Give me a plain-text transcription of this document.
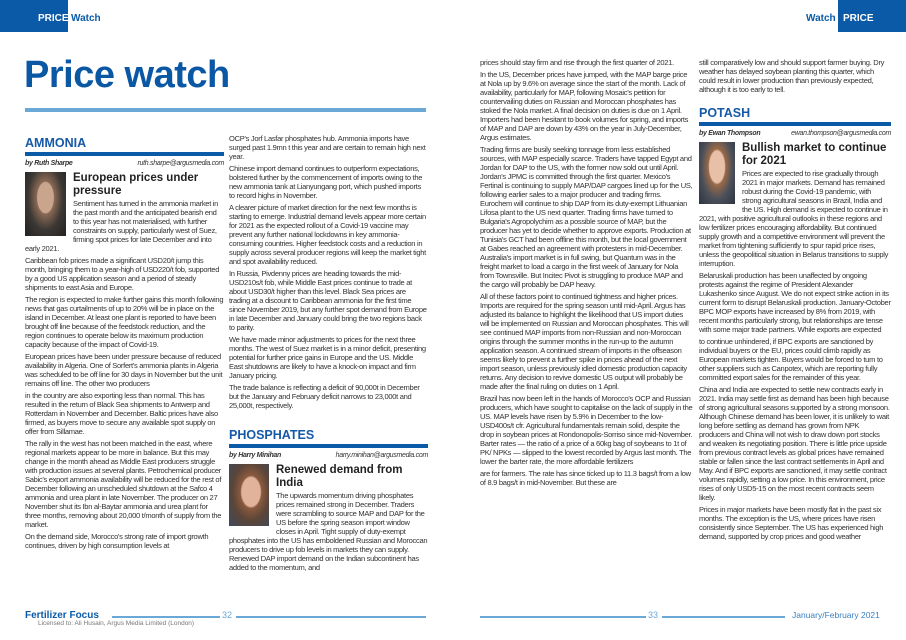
PRICE Watch	Watch PRICE
Price watch
AMMONIA
by Ruth Sharpe	ruth.sharpe@argusmedia.com
European prices under pressure

Sentiment has turned in the ammonia market in the past month and the anticipated bearish end to this year has not materialised, with further constraints on supply, particularly west of Suez, firming spot prices for late December and into early 2021.

Caribbean fob prices made a significant USD20/t jump this month, bringing them to a year-high of USD220/t fob, supported by a good US application season and a period of steady shipments to east Asia and Europe.

The region is expected to make further gains this month following news that gas curtailments of up to 20% will be in place on the island in December. At least one plant is reported to have been brought off line because of the feedstock reduction, and the region continues to operate below its maximum production capacity because of the impact of Covid-19.

European prices have been under pressure because of reduced availability in Algeria. One of Sorfert's ammonia plants in Algeria was scheduled to be off line for 30 days in November but the unit remains off line. The other two producers

in the country are also exporting less than normal. This has resulted in the return of Black Sea shipments to Antwerp and Rotterdam in November and December. Baltic prices have also firmed, as buyers move to secure any available spot supply on offer from Sillamae.

The rally in the west has not been matched in the east, where regional markets appear to be more in balance. But this may change in the month ahead as Middle East producers struggle with production issues at several plants. Petrochemical producer Sabic's export ammonia availability will be reduced for the rest of December following an unscheduled shutdown at the Safco 4 ammonia and urea plant in late November. The producer on 27 November shut its Ibn al-Baytar ammonia and urea plant for three months, removing about 20,000 t/month of supply from the market.

On the demand side, Morocco's strong rate of import growth continues, driven by high consumption levels at

OCP's Jorf Lasfar phosphates hub. Ammonia imports have surged past 1.9mn t this year and are certain to remain high next year.

Chinese import demand continues to outperform expectations, bolstered further by the commencement of imports owing to the new ammonia tank at Lianyungang port, which pushed imports to record highs in November.

A clearer picture of market direction for the next few months is starting to emerge. Industrial demand levels appear more certain for 2021 as the expected rollout of a Covid-19 vaccine may prevent any further national lockdowns in key ammonia-consuming countries. Higher feedstock costs and a reduction in supply across several producer regions will keep the market tight and spot availability reduced.

In Russia, Pivdenny prices are heading towards the mid-USD210s/t fob, while Middle East prices continue to trade at about USD30/t higher than this level. Black Sea prices are trading at a discount to Caribbean ammonia for the first time since November 2019, but any further spot demand from Europe in late December and January could bring the two regions back to parity.

We have made minor adjustments to prices for the next three months. The west of Suez market is in a minor deficit, presenting potential for further price gains in Europe and the US. Middle East shutdowns are likely to have a knock-on impact and firm January pricing.

The trade balance is reflecting a deficit of 90,000t in December but the January and February deficit narrows to 23,000t and 25,000t, respectively.

PHOSPHATES
by Harry Minihan	harry.minihan@argusmedia.com
Renewed demand from India

The upwards momentum driving phosphates prices remained strong in December. Traders were scrambling to source MAP and DAP for the US before the spring season import window closes in April. Tight supply of duty-exempt phosphates into the US has emboldened Russian and Moroccan producers to drive up fob levels in markets they can supply. Renewed DAP import demand on the Indian subcontinent has added to the momentum, and

prices should stay firm and rise through the first quarter of 2021.

In the US, December prices have jumped, with the MAP barge price at Nola up by 9.6% on average since the start of the month. Lack of availability, particularly for MAP, following Mosaic's petition for countervailing duties on Russian and Moroccan phosphates has stoked the Nola market. A final decision on duties is due on 1 April. Importers had been hesitant to book volumes for spring, and imports of MAP and DAP are down by 43% on the year in July-December, Argus estimates.

Trading firms are busily seeking tonnage from less established sources, with MAP especially scarce. Traders have tapped Egypt and Jordan for DAP to the US, with the former now sold out until April. Jordan's JPMC is committed through the first quarter. Mexico's Fertinal is continuing to supply MAP/DAP cargoes lined up for the US, following earlier sales to a major producer and trading firms. Eurochem will continue to ship DAP from its duty-exempt Lithuanian Lifosa plant to the US next quarter. Trading firms have turned to Bulgaria's Agropolychim as a possible source of MAP, but the producer has yet to decide whether to approve exports. Production at Tunisia's GCT had been offline this month, but the local government at Gabes reached an agreement with protesters in mid-December. Australia's import market is in full swing, but Quantum was in the freight market to load a cargo in the first week of January for Nola from Townsville. But Incitec Pivot is struggling to produce MAP and the cargo will probably be DAP heavy.

All of these factors point to continued tightness and higher prices. Imports are required for the spring season until mid-April. Argus has adjusted its balance to highlight the likelihood that US import duties will be implemented on Russian and Moroccan phosphates. This will see continued MAP imports from non-Russian and non-Moroccan origins through the summer months in the run-up to the autumn application season. A continued stream of imports in the offseason seems likely to prevent a further spike in prices ahead of the next import season, unless previously idled domestic production capacity returns. Any decision to revive domestic US output will probably be made after the final ruling on duties on 1 April.

Brazil has now been left in the hands of Morocco's OCP and Russian producers, which have sought to capitalise on the lack of supply in the US. MAP levels have risen by 5.9% in December to the low-USD400s/t cfr. Agricultural fundamentals remain solid, despite the drop in soybean prices at Rondonopolis-Sorriso since mid-November. Barter rates — the ratio of a price of a 60kg bag of soybeans to 1t of PK/ NPKs — slipped to the lowest recorded by Argus last month. The lower the barter rate, the more affordable fertilizers

are for farmers. The rate has since ticked up to 11.3 bags/t from a low of 8.9 bags/t in mid-November. But these are

still comparatively low and should support farmer buying. Dry weather has delayed soybean planting this quarter, which could result in lower production than previously expected, although it is too early to tell.

POTASH
by Ewan Thompson	ewan.thompson@argusmedia.com
Bullish market to continue for 2021

Prices are expected to rise gradually through 2021 in major markets. Demand has remained robust during the Covid-19 pandemic, with strong agricultural seasons in Brazil, India and the US. High demand is expected to continue in 2021, with positive agricultural outlooks in these regions and low fertilizer prices encouraging affordability. But continued supply growth and a competitive environment will prevent the market from tightening sufficiently to spur rapid price rises, unless the geopolitical situation in Belarus transitions to supply interruption.

Belaruskali production has been unaffected by ongoing protests against the regime of President Alexander Lukashenko since August. We do not expect strike action in its current form to disrupt Belaruskali production. January-October BPC MOP exports have increased by 8% from 2019, with recent months particularly strong, but relationships are tense with some major trade partners. While exports are expected

to continue unhindered, if BPC exports are sanctioned by individual buyers or the EU, prices could climb rapidly as European markets tighten. Buyers would be forced to turn to other suppliers such as Canpotex, which are reporting fully committed export sales for the remainder of this year.

China and India are expected to settle new contracts early in 2021. India may settle first as demand has been high because of strong agricultural seasons supported by a strong monsoon. Although Chinese demand has been lower, it is unlikely to wait long before settling as demand has grown from NPK producers and China will not wish to draw down port stocks and weaken its negotiating position. There is little price upside from previous contract levels as global prices have remained stable or fallen since the last contract settlements in April and May. And if BPC exports are sanctioned, it may settle contract volumes rapidly, setting a low price. In this environment, price rises of only USD5-15 on the most recent contracts seem likely.

Prices in major markets have been mostly flat in the past six months. The exception is the US, where prices have risen consistently since September. The US has experienced high demand, supported by crop prices and good weather

Fertilizer Focus
Licensed to: Ali Husain, Argus Media Limited (London)
32	33	January/February 2021
